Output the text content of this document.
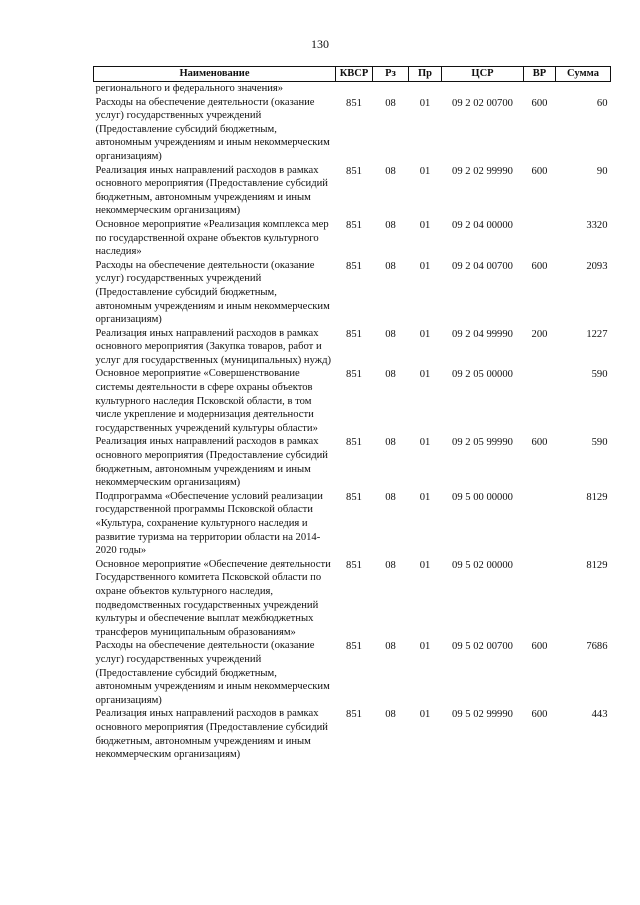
130
Наименование	КВСР	Рз	Пр	ЦСР	ВР	Сумма
регионального и федерального значения»						
Расходы на обеспечение деятельности (оказание услуг) государственных учреждений (Предоставление субсидий бюджетным, автономным учреждениям и иным некоммерческим организациям)	851	08	01	09 2 02 00700	600	60
Реализация иных направлений расходов в рамках основного мероприятия (Предоставление субсидий бюджетным, автономным учреждениям и иным некоммерческим организациям)	851	08	01	09 2 02 99990	600	90
Основное мероприятие «Реализация комплекса мер по государственной охране объектов культурного наследия»	851	08	01	09 2 04 00000		3320
Расходы на обеспечение деятельности (оказание услуг) государственных учреждений (Предоставление субсидий бюджетным, автономным учреждениям и иным некоммерческим организациям)	851	08	01	09 2 04 00700	600	2093
Реализация иных направлений расходов в рамках основного мероприятия (Закупка товаров, работ и услуг для государственных (муниципальных) нужд)	851	08	01	09 2 04 99990	200	1227
Основное мероприятие «Совершенствование системы деятельности в сфере охраны объектов культурного наследия Псковской области, в том числе укрепление и модернизация деятельности государственных учреждений культуры области»	851	08	01	09 2 05 00000		590
Реализация иных направлений расходов в рамках основного мероприятия (Предоставление субсидий бюджетным, автономным учреждениям и иным некоммерческим организациям)	851	08	01	09 2 05 99990	600	590
Подпрограмма «Обеспечение условий реализации государственной программы Псковской области «Культура, сохранение культурного наследия и развитие туризма на территории области на 2014-2020 годы»	851	08	01	09 5 00 00000		8129
Основное мероприятие «Обеспечение деятельности Государственного комитета Псковской области по охране объектов культурного наследия, подведомственных государственных учреждений культуры и обеспечение выплат межбюджетных трансферов муниципальным образованиям»	851	08	01	09 5 02 00000		8129
Расходы на обеспечение деятельности (оказание услуг) государственных учреждений (Предоставление субсидий бюджетным, автономным учреждениям и иным некоммерческим организациям)	851	08	01	09 5 02 00700	600	7686
Реализация иных направлений расходов в рамках основного мероприятия (Предоставление субсидий бюджетным, автономным учреждениям и иным некоммерческим организациям)	851	08	01	09 5 02 99990	600	443
